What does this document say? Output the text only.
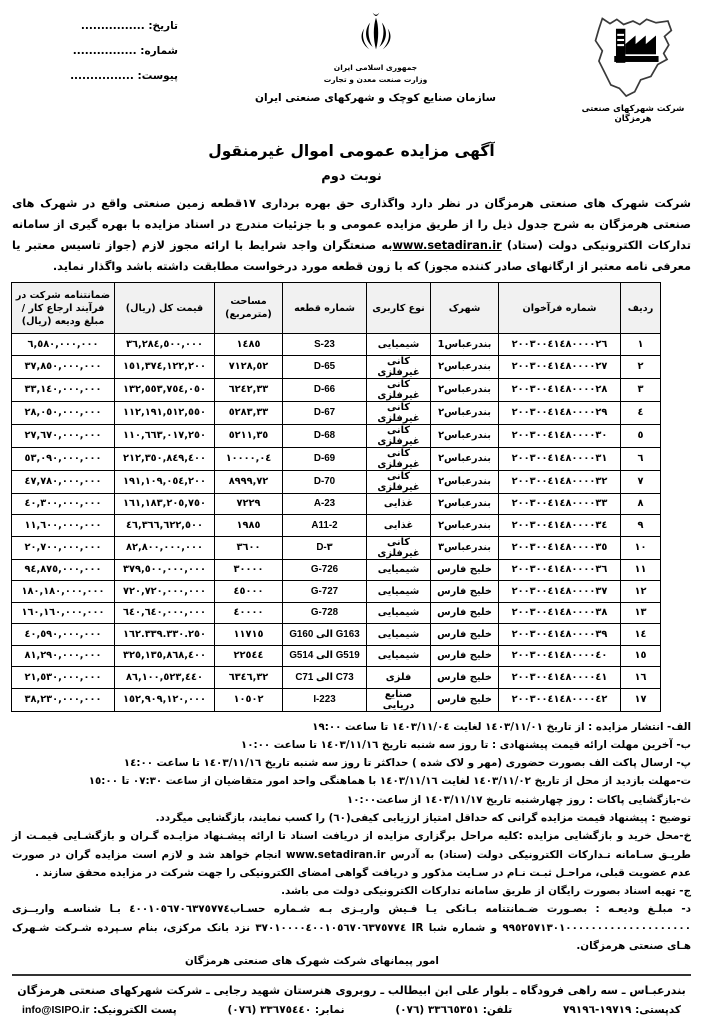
شرکت شهرکهای صنعتی هرمزگان
جمهوری اسلامی ایران
وزارت صنعت معدن و تجارت
سازمان صنایع کوچک و شهرکهای صنعتی ایران
تاریخ: ................
شماره: ................
پیوست: ................
آگهی مزایده عمومی اموال غیرمنقول
نوبت دوم
شرکت شهرک های صنعتی هرمزگان در نظر دارد واگذاری حق بهره برداری ١٧قطعه زمین صنعتی واقع در شهرک های صنعتی هرمزگان به شرح جدول ذیل را از طریق مزایده عمومی و با جزئیات مندرج در اسناد مزایده با بهره گیری از سامانه تدارکات الکترونیکی دولت (ستاد) www.setadiran.irبه صنعتگران واجد شرایط با ارائه مجوز لازم (جواز تاسیس معتبر یا معرفی نامه معتبر از ارگانهای صادر کننده مجوز) که با زون قطعه مورد درخواست مطابقت داشته باشد واگذار نماید.
ردیف	شماره فرآخوان	شهرک	نوع کاربری	شماره قطعه	مساحت (مترمربع)	قیمت کل (ریال)	ضمانتنامه شرکت در فرآیند ارجاع کار /مبلغ ودیعه (ریال)
١	٢٠٠٣٠٠٤١٤٨٠٠٠٠٢٦	بندرعباس1	شیمیایی	S-23	١٤٨٥	٣٦,٢٨٤,٥٠٠,٠٠٠	٦,٥٨٠,٠٠٠,٠٠٠
٢	٢٠٠٣٠٠٤١٤٨٠٠٠٠٢٧	بندرعباس٢	کانی غیرفلزی	D-65	٧١٢٨,٥٢	١٥١,٣٧٤,١٢٢,٢٠٠	٣٧,٨٥٠,٠٠٠,٠٠٠
٣	٢٠٠٣٠٠٤١٤٨٠٠٠٠٢٨	بندرعباس٢	کانی غیرفلزی	D-66	٦٢٤٢,٣٣	١٣٢,٥٥٣,٧٥٤,٠٥٠	٣٣,١٤٠,٠٠٠,٠٠٠
٤	٢٠٠٣٠٠٤١٤٨٠٠٠٠٢٩	بندرعباس٢	کانی غیرفلزی	D-67	٥٢٨٣,٣٣	١١٢,١٩١,٥١٢,٥٥٠	٢٨,٠٥٠,٠٠٠,٠٠٠
٥	٢٠٠٣٠٠٤١٤٨٠٠٠٠٣٠	بندرعباس٢	کانی غیرفلزی	D-68	٥٢١١,٣٥	١١٠,٦٦٣,٠١٧,٢٥٠	٢٧,٦٧٠,٠٠٠,٠٠٠
٦	٢٠٠٣٠٠٤١٤٨٠٠٠٠٣١	بندرعباس٢	کانی غیرفلزی	D-69	١٠٠٠٠,٠٤	٢١٢,٣٥٠,٨٤٩,٤٠٠	٥٣,٠٩٠,٠٠٠,٠٠٠
٧	٢٠٠٣٠٠٤١٤٨٠٠٠٠٣٢	بندرعباس٢	کانی غیرفلزی	D-70	٨٩٩٩,٧٢	١٩١,١٠٩,٠٥٤,٢٠٠	٤٧,٧٨٠,٠٠٠,٠٠٠
٨	٢٠٠٣٠٠٤١٤٨٠٠٠٠٣٣	بندرعباس٢	غذایی	A-23	٧٢٢٩	١٦١,١٨٣,٢٠٥,٧٥٠	٤٠,٣٠٠,٠٠٠,٠٠٠
٩	٢٠٠٣٠٠٤١٤٨٠٠٠٠٣٤	بندرعباس٢	غذایی	A11-2	١٩٨٥	٤٦,٣٦٦,٦٢٢,٥٠٠	١١,٦٠٠,٠٠٠,٠٠٠
١٠	٢٠٠٣٠٠٤١٤٨٠٠٠٠٣٥	بندرعباس٣	کانی غیرفلزی	D-٣	٣٦٠٠	٨٢,٨٠٠,٠٠٠,٠٠٠	٢٠,٧٠٠,٠٠٠,٠٠٠
١١	٢٠٠٣٠٠٤١٤٨٠٠٠٠٣٦	خلیج فارس	شیمیایی	G-726	٣٠٠٠٠	٣٧٩,٥٠٠,٠٠٠,٠٠٠	٩٤,٨٧٥,٠٠٠,٠٠٠
١٢	٢٠٠٣٠٠٤١٤٨٠٠٠٠٣٧	خلیج فارس	شیمیایی	G-727	٤٥٠٠٠	٧٢٠,٧٢٠,٠٠٠,٠٠٠	١٨٠,١٨٠,٠٠٠,٠٠٠
١٣	٢٠٠٣٠٠٤١٤٨٠٠٠٠٣٨	خلیج فارس	شیمیایی	G-728	٤٠٠٠٠	٦٤٠,٦٤٠,٠٠٠,٠٠٠	١٦٠,١٦٠,٠٠٠,٠٠٠
١٤	٢٠٠٣٠٠٤١٤٨٠٠٠٠٣٩	خلیج فارس	شیمیایی	G160 الی G163	١١٧١٥	١٦٢.٣٣٩.٣٣٠.٢٥٠	٤٠,٥٩٠,٠٠٠,٠٠٠
١٥	٢٠٠٣٠٠٤١٤٨٠٠٠٠٤٠	خلیج فارس	شیمیایی	G514 الی G519	٢٢٥٤٤	٣٢٥,١٣٥,٨٦٨,٤٠٠	٨١,٢٩٠,٠٠٠,٠٠٠
١٦	٢٠٠٣٠٠٤١٤٨٠٠٠٠٤١	خلیج فارس	فلزی	C71 الی C73	٦٣٤٦,٣٢	٨٦,١٠٠,٥٢٣,٤٤٠	٢١,٥٣٠,٠٠٠,٠٠٠
١٧	٢٠٠٣٠٠٤١٤٨٠٠٠٠٤٢	خلیج فارس	صنایع دریایی	I-223	١٠٥٠٢	١٥٢,٩٠٩,١٢٠,٠٠٠	٣٨,٢٣٠,٠٠٠,٠٠٠
الف- انتشار مزایده : از تاریخ ١٤٠٣/١١/٠١ لغایت ١٤٠٣/١١/٠٤ تا ساعت ١٩:٠٠
ب- آخرین مهلت ارائه قیمت پیشنهادی : تا روز سه شنبه تاریخ ١٤٠٣/١١/١٦ تا ساعت ١٠:٠٠
پ- ارسال پاکت الف بصورت حضوری (مهر و لاک شده ) حداکثر تا روز سه شنبه تاریخ ١٤٠٣/١١/١٦ تا ساعت ١٤:٠٠
ت-مهلت بازدید از محل از تاریخ ١٤٠٣/١١/٠٢ لغایت ١٤٠٣/١١/١٦ با هماهنگی واحد امور متقاضیان از ساعت ٠٧:٣٠ تا ١٥:٠٠
ث-بازگشایی پاکات : روز چهارشنبه تاریخ ١٤٠٣/١١/١٧ از ساعت١٠:٠٠
توضیح : پیشنهاد قیمت مزایده گرانی که حداقل امتیاز ارزیابی کیفی(٦٠) را کسب نمایند، بازگشایی میگردد.
خ-محل خرید و بازگشایی مزایده :کلیه مراحل برگزاری مزایده از دریافت اسناد تا ارائه پیشـنهاد مزایـده گـران و بازگشـایی قیمـت از طریـق سـامانه تـدارکات الکترونیکی دولت (ستاد) به آدرس www.setadiran.ir انجام خواهد شد و لازم است مزایده گران در صورت عدم عضویت قبلی، مراحـل ثبـت نـام در سـایت مذکور و دریافت گواهی امضای الکترونیکی را جهت شرکت در مزایده محقق سازند .
ج- تهیه اسناد بصورت رایگان از طریق سامانه تدارکات الکترونیکی دولت می باشد.
د- مبلـغ ودیعـه : بصـورت ضـمانتنامه بـانکی یـا فـیش واریـزی بـه شـماره حسـاب٤٠٠١٠٥٦٧٠٦٣٧٥٧٧٤ بـا شناسـه واریــزی ٩٩٥٢٥٧١٣٠١٠٠٠٠٠٠٠٠٠٠٠٠٠٠٠٠٠٠٠٠ و شماره شبا IR ٣٧٠١٠٠٠٠٤٠٠١٠٥٦٧٠٦٣٧٥٧٧٤ نزد بانک مرکزی، بنام سـپرده شـرکت شـهرک هـای صنعتی هرمزگان.
امور پیمانهای شرکت شهرک های صنعتی هرمزگان
بندرعبـاس ـ سه راهی فرودگاه ـ بلوار علی ابن ابیطالب ـ روبروی هنرستان شهید رجایی ـ شرکت شهرکهای صنعتی هرمزگان
کدپستی: ١٩٧١٩-٧٩١٩٦
تلفن: ٣٣٦٦٥٣٥١ (٠٧٦)
نمابر: ٣٣٦٧٥٤٤٠ (٠٧٦)
پست الکترونیک: info@ISIPO.ir
